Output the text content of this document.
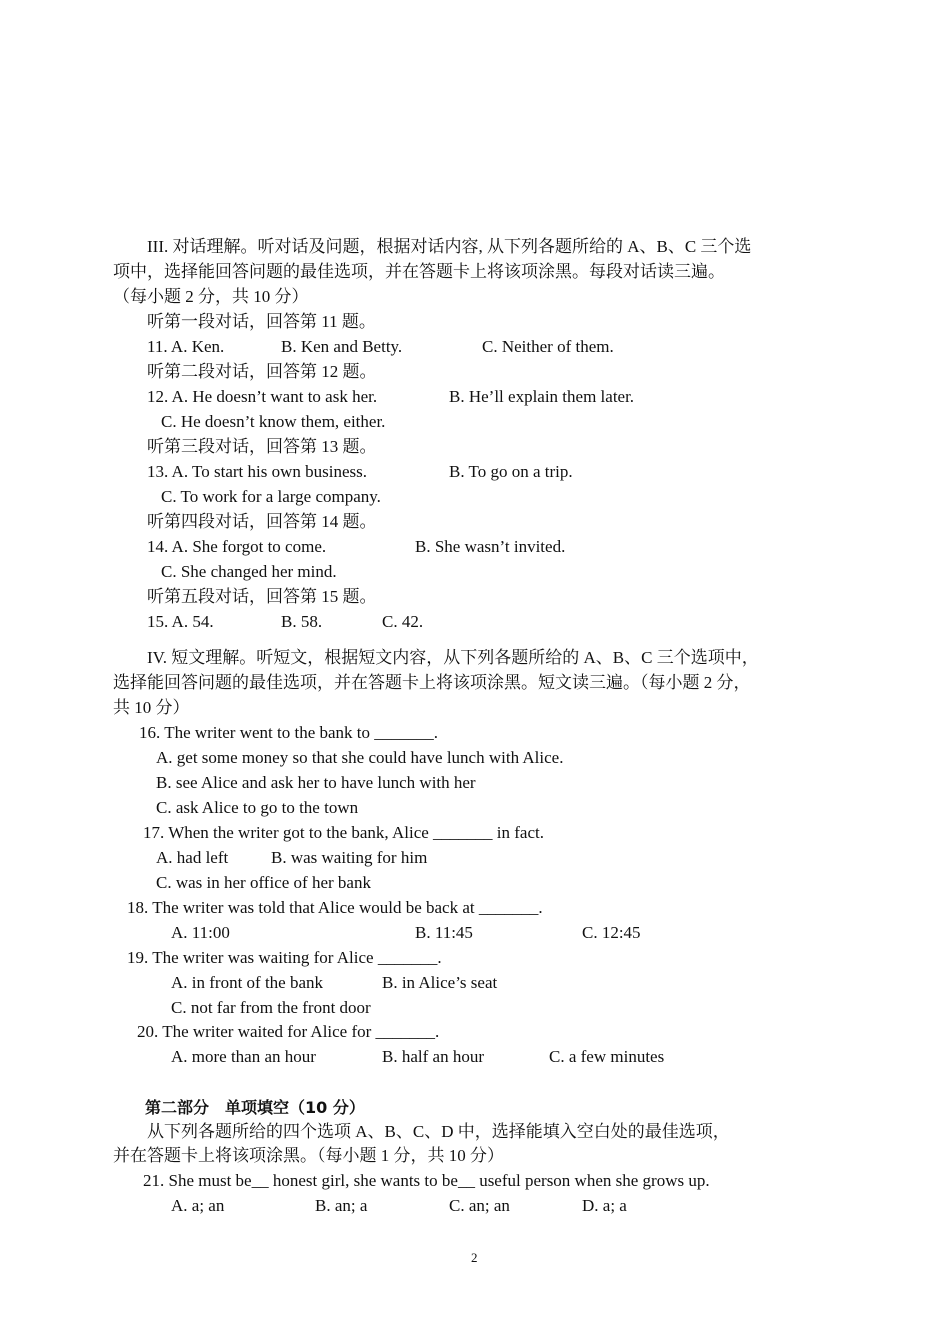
III. 对话理解。听对话及问题，根据对话内容, 从下列各题所给的 A、B、C 三个选

项中，选择能回答问题的最佳选项，并在答题卡上将该项涂黑。每段对话读三遍。

（每小题 2 分，共 10 分）

听第一段对话，回答第 11 题。

11. A. Ken.	B. Ken and Betty.	C. Neither of them.

听第二段对话，回答第 12 题。

12. A. He doesn’t want to ask her.	B. He’ll explain them later.

C. He doesn’t know them, either.

听第三段对话，回答第 13 题。

13. A. To start his own business.	B. To go on a trip.

C. To work for a large company.

听第四段对话，回答第 14 题。

14. A. She forgot to come.	B. She wasn’t invited.

C. She changed her mind.

听第五段对话，回答第 15 题。

15. A. 54.	B. 58.	C. 42.

IV. 短文理解。听短文，根据短文内容，从下列各题所给的 A、B、C 三个选项中，

选择能回答问题的最佳选项，并在答题卡上将该项涂黑。短文读三遍。（每小题 2 分，

共 10 分）

16. The writer went to the bank to _______.

A. get some money so that she could have lunch with Alice.

B. see Alice and ask her to have lunch with her

C. ask Alice to go to the town

17. When the writer got to the bank, Alice _______ in fact.

A. had left	B. was waiting for him

C. was in her office of her bank

18. The writer was told that Alice would be back at _______.

A. 11:00	B. 11:45	C. 12:45

19. The writer was waiting for Alice _______.

A. in front of the bank	B. in Alice’s seat

C. not far from the front door

20. The writer waited for Alice for _______.

A. more than an hour	B. half an hour	C. a few minutes

第二部分　单项填空（10 分）

从下列各题所给的四个选项 A、B、C、D 中，选择能填入空白处的最佳选项，

并在答题卡上将该项涂黑。（每小题 1 分，共 10 分）

21. She must be__ honest girl, she wants to be__ useful person when she grows up.

A. a; an	B. an; a	C. an; an	D. a; a

2
